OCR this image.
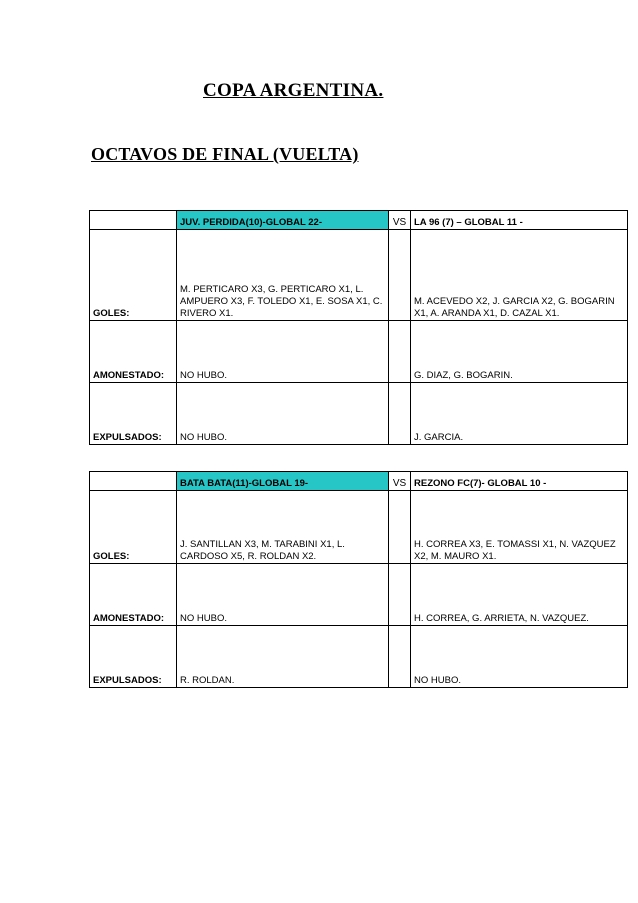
COPA ARGENTINA.
OCTAVOS DE FINAL (VUELTA)
	JUV. PERDIDA(10)-GLOBAL 22-	VS	LA 96 (7) – GLOBAL 11 -
GOLES:	M. PERTICARO X3, G. PERTICARO X1, L. AMPUERO X3, F. TOLEDO X1, E. SOSA X1, C. RIVERO X1.		M. ACEVEDO X2, J. GARCIA X2, G. BOGARIN X1, A. ARANDA X1, D. CAZAL X1.
AMONESTADO:	NO HUBO.		G. DIAZ, G. BOGARIN.
EXPULSADOS:	NO HUBO.		J. GARCIA.
	BATA BATA(11)-GLOBAL 19-	VS	REZONO FC(7)- GLOBAL 10 -
GOLES:	J. SANTILLAN X3, M. TARABINI X1, L. CARDOSO X5, R. ROLDAN X2.		H. CORREA X3, E. TOMASSI X1, N. VAZQUEZ X2, M. MAURO X1.
AMONESTADO:	NO HUBO.		H. CORREA, G. ARRIETA, N. VAZQUEZ.
EXPULSADOS:	R. ROLDAN.		NO HUBO.
